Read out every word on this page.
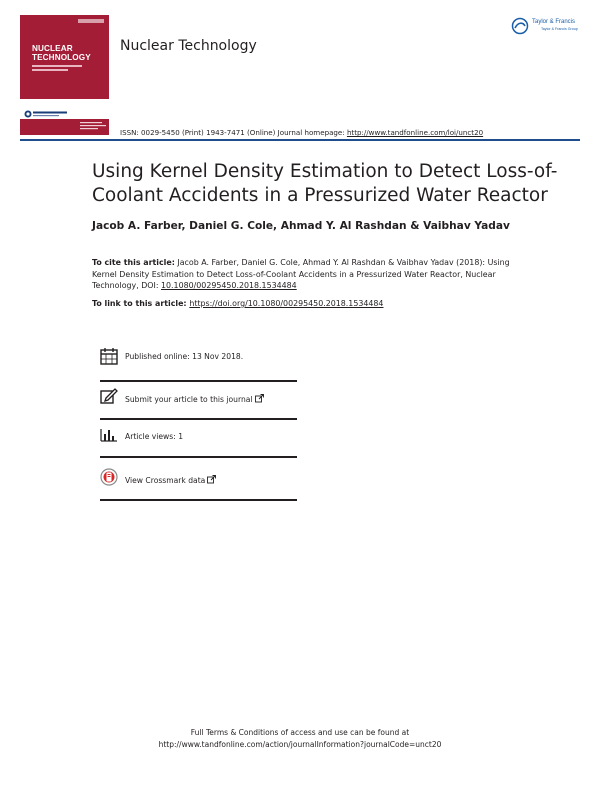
NUCLEAR
TECHNOLOGY
Nuclear Technology
Taylor & Francis
Taylor & Francis Group
ISSN: 0029-5450 (Print) 1943-7471 (Online) Journal homepage: http://www.tandfonline.com/loi/unct20
Using Kernel Density Estimation to Detect Loss-of-Coolant Accidents in a Pressurized Water Reactor
Jacob A. Farber, Daniel G. Cole, Ahmad Y. Al Rashdan & Vaibhav Yadav
To cite this article: Jacob A. Farber, Daniel G. Cole, Ahmad Y. Al Rashdan & Vaibhav Yadav (2018): Using Kernel Density Estimation to Detect Loss-of-Coolant Accidents in a Pressurized Water Reactor, Nuclear Technology, DOI: 10.1080/00295450.2018.1534484
To link to this article: https://doi.org/10.1080/00295450.2018.1534484
Published online: 13 Nov 2018.
Submit your article to this journal
Article views: 1
View Crossmark data
Full Terms & Conditions of access and use can be found at
http://www.tandfonline.com/action/journalInformation?journalCode=unct20
